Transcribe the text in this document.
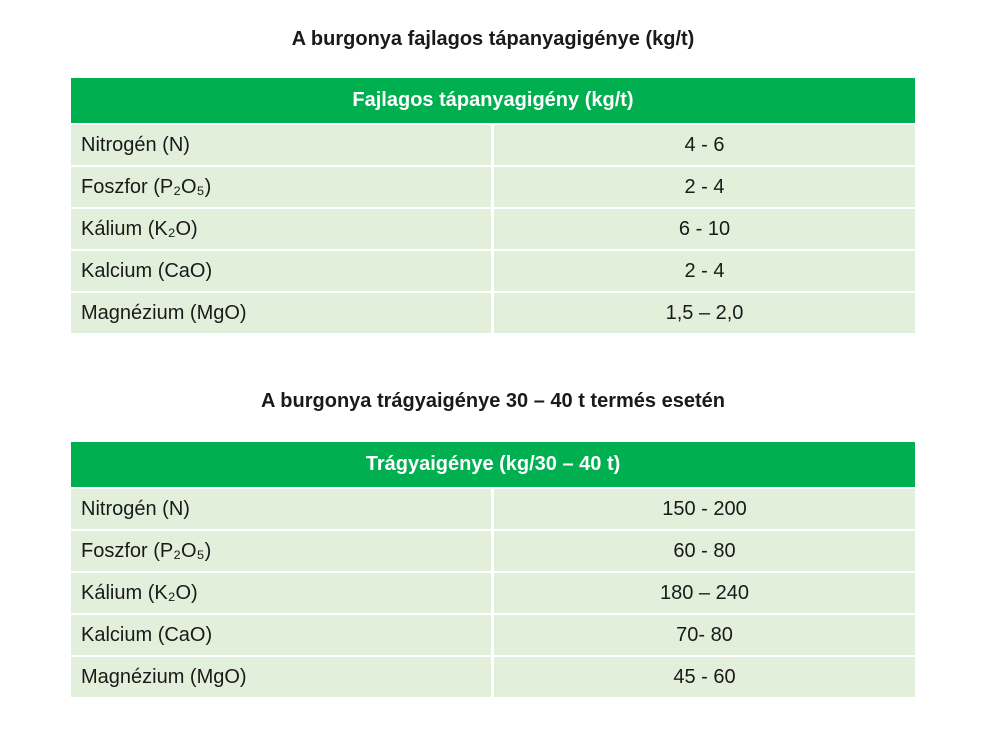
A burgonya fajlagos tápanyagigénye (kg/t)
Fajlagos tápanyagigény (kg/t)	
Nitrogén (N)	4 - 6
Foszfor (P₂O₅)	2 - 4
Kálium (K₂O)	6 - 10
Kalcium (CaO)	2 - 4
Magnézium (MgO)	1,5 – 2,0
A burgonya trágyaigénye 30 – 40 t termés esetén
Trágyaigénye (kg/30 – 40 t)	
Nitrogén (N)	150 - 200
Foszfor (P₂O₅)	60 - 80
Kálium (K₂O)	180 – 240
Kalcium (CaO)	70- 80
Magnézium (MgO)	45 - 60
